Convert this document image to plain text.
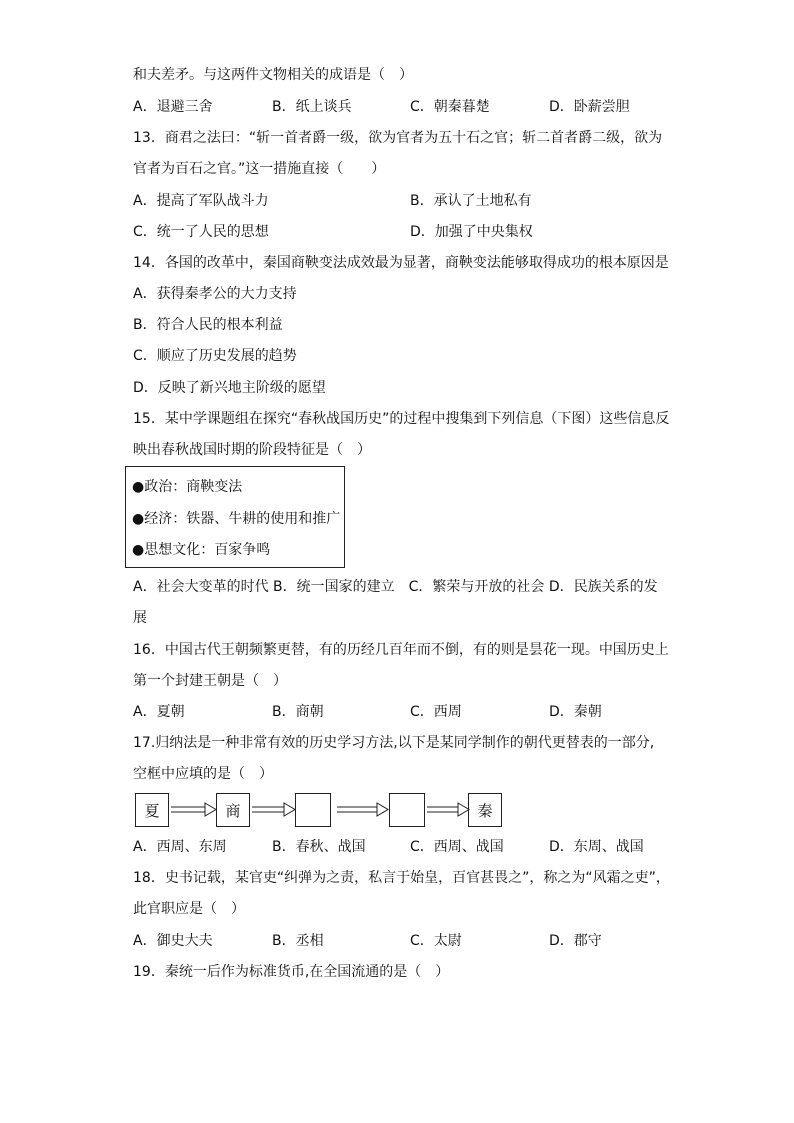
和夫差矛。与这两件文物相关的成语是（　）
A．退避三舍	B．纸上谈兵	C．朝秦暮楚	D．卧薪尝胆
13．商君之法曰：“斩一首者爵一级，欲为官者为五十石之官；斩二首者爵二级，欲为
官者为百石之官。”这一措施直接（　　）
A．提高了军队战斗力	B．承认了土地私有
C．统一了人民的思想	D．加强了中央集权
14．各国的改革中，秦国商鞅变法成效最为显著，商鞅变法能够取得成功的根本原因是
A．获得秦孝公的大力支持
B．符合人民的根本利益
C．顺应了历史发展的趋势
D．反映了新兴地主阶级的愿望
15．某中学课题组在探究“春秋战国历史”的过程中搜集到下列信息（下图）这些信息反
映出春秋战国时期的阶段特征是（　）
●政治：商鞅变法
●经济：铁器、牛耕的使用和推广
●思想文化：百家争鸣
A．社会大变革的时代 B．统一国家的建立　C．繁荣与开放的社会 D．民族关系的发
展
16．中国古代王朝频繁更替，有的历经几百年而不倒，有的则是昙花一现。中国历史上
第一个封建王朝是（　）
A．夏朝	B．商朝	C．西周	D．秦朝
17.归纳法是一种非常有效的历史学习方法,以下是某同学制作的朝代更替表的一部分,
空框中应填的是（　）
夏	商	秦
A．西周、东周	B．春秋、战国	C．西周、战国	D．东周、战国
18．史书记载，某官吏“纠弹为之责，私言于始皇，百官甚畏之”，称之为“风霜之吏”，
此官职应是（　）
A．御史大夫	B．丞相	C．太尉	D．郡守
19．秦统一后作为标准货币,在全国流通的是（　）
